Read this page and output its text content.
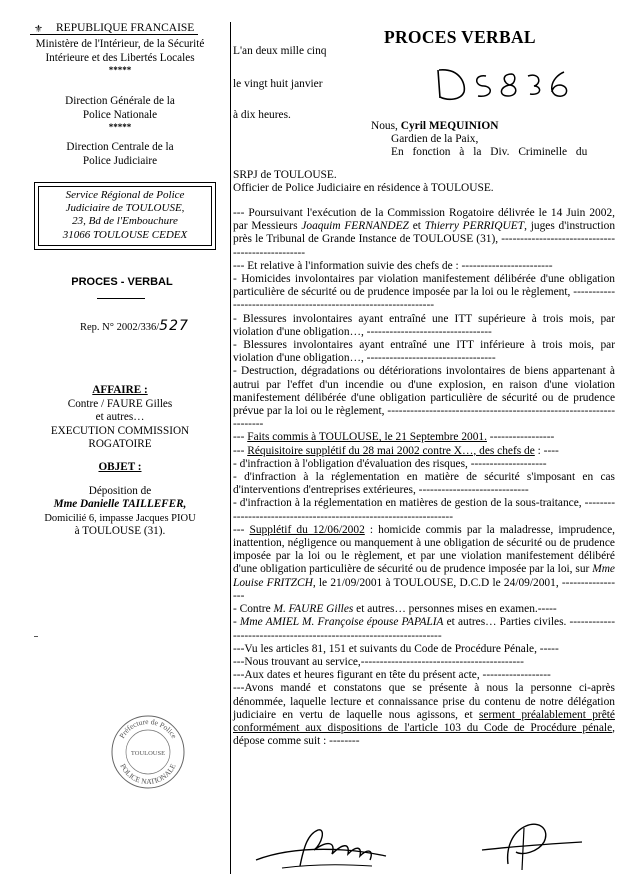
⚜ REPUBLIQUE FRANCAISE
Ministère de l'Intérieur, de la Sécurité
Intérieure et des Libertés Locales
*****
Direction Générale de la
Police Nationale
*****
Direction Centrale de la
Police Judiciaire
Service Régional de Police
Judiciaire de TOULOUSE,
23, Bd de l'Embouchure
31066 TOULOUSE CEDEX
PROCES - VERBAL
Rep. N° 2002/336/527
AFFAIRE :
Contre / FAURE Gilles
et autres…
EXECUTION COMMISSION
ROGATOIRE
OBJET :
Déposition de
Mme Danielle TAILLEFER,
Domicilié 6, impasse Jacques PIOU
à TOULOUSE (31).
Préfecture de Police
TOULOUSE
POLICE NATIONALE
PROCES VERBAL
L'an deux mille cinq
le vingt huit janvier
à dix heures.
Nous, Cyril MEQUINION
Gardien de la Paix,
En fonction à la Div. Criminelle du
SRPJ de TOULOUSE.
Officier de Police Judiciaire en résidence à TOULOUSE.

--- Poursuivant l'exécution de la Commission Rogatoire délivrée le 14 Juin 2002, par Messieurs Joaquim FERNANDEZ et Thierry PERRIQUET, juges d'instruction près le Tribunal de Grande Instance de TOULOUSE (31), -------------------------------------------------

--- Et relative à l'information suivie des chefs de : ------------------------

- Homicides involontaires par violation manifestement délibérée d'une obligation particulière de sécurité ou de prudence imposée par la loi ou le règlement, ----------------------------------------------------------------

- Blessures involontaires ayant entraîné une ITT supérieure à trois mois, par violation d'une obligation…, ---------------------------------

- Blessures involontaires ayant entraîné une ITT inférieure à trois mois, par violation d'une obligation…, ----------------------------------

- Destruction, dégradations ou détériorations involontaires de biens appartenant à autrui par l'effet d'un incendie ou d'une explosion, en raison d'une violation manifestement délibérée d'une obligation particulière de sécurité ou de prudence prévue par la loi ou le règlement, --------------------------------------------------------------------

--- Faits commis à TOULOUSE, le 21 Septembre 2001. -----------------

--- Réquisitoire supplétif du 28 mai 2002 contre X…, des chefs de : ----

- d'infraction à l'obligation d'évaluation des risques, --------------------

- d'infraction à la réglementation en matière de sécurité s'imposant en cas d'interventions d'entreprises extérieures, -----------------------------

- d'infraction à la réglementation en matières de gestion de la sous-traitance, ------------------------------------------------------------------

--- Supplétif du 12/06/2002 : homicide commis par la maladresse, imprudence, inattention, négligence ou manquement à une obligation de sécurité ou de prudence imposée par la loi ou le règlement, et par une violation manifestement délibéré d'une obligation particulière de sécurité ou de prudence imposée par la loi, sur Mme Louise FRITZCH, le 21/09/2001 à TOULOUSE, D.C.D le 24/09/2001, -----------------

- Contre M. FAURE Gilles et autres… personnes mises en examen.-----

- Mme AMIEL M. Françoise épouse PAPALIA et autres… Parties civiles. -------------------------------------------------------------------

---Vu les articles 81, 151 et suivants du Code de Procédure Pénale, -----

---Nous trouvant au service,-------------------------------------------

---Aux dates et heures figurant en tête du présent acte, ------------------

---Avons mandé et constatons que se présente à nous la personne ci-après dénommée, laquelle lecture et connaissance prise du contenu de notre délégation judiciaire en vertu de laquelle nous agissons, et serment préalablement prêté conformément aux dispositions de l'article 103 du Code de Procédure pénale, dépose comme suit : --------
